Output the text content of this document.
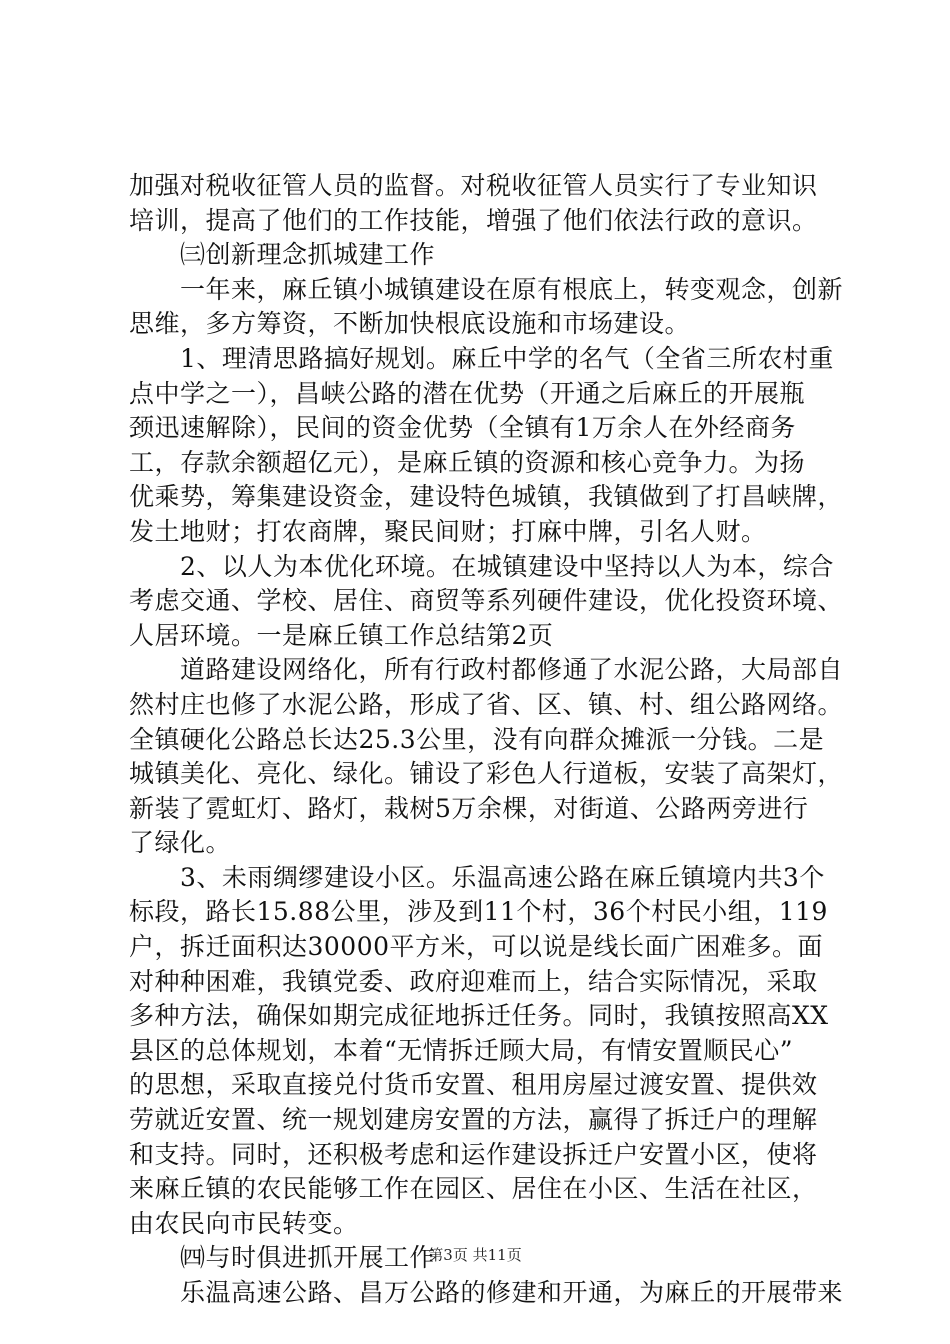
加强对税收征管人员的监督。对税收征管人员实行了专业知识
培训，提高了他们的工作技能，增强了他们依法行政的意识。
　　㈢创新理念抓城建工作
　　一年来，麻丘镇小城镇建设在原有根底上，转变观念，创新
思维，多方筹资，不断加快根底设施和市场建设。
　　1、理清思路搞好规划。麻丘中学的名气（全省三所农村重
点中学之一），昌峡公路的潜在优势（开通之后麻丘的开展瓶
颈迅速解除），民间的资金优势（全镇有1万余人在外经商务
工，存款余额超亿元），是麻丘镇的资源和核心竞争力。为扬
优乘势，筹集建设资金，建设特色城镇，我镇做到了打昌峡牌，
发土地财；打农商牌，聚民间财；打麻中牌，引名人财。
　　2、以人为本优化环境。在城镇建设中坚持以人为本，综合
考虑交通、学校、居住、商贸等系列硬件建设，优化投资环境、
人居环境。一是麻丘镇工作总结第2页
　　道路建设网络化，所有行政村都修通了水泥公路，大局部自
然村庄也修了水泥公路，形成了省、区、镇、村、组公路网络。
全镇硬化公路总长达25.3公里，没有向群众摊派一分钱。二是
城镇美化、亮化、绿化。铺设了彩色人行道板，安装了高架灯，
新装了霓虹灯、路灯，栽树5万余棵，对街道、公路两旁进行
了绿化。
　　3、未雨绸缪建设小区。乐温高速公路在麻丘镇境内共3个
标段，路长15.88公里，涉及到11个村，36个村民小组，119
户，拆迁面积达30000平方米，可以说是线长面广困难多。面
对种种困难，我镇党委、政府迎难而上，结合实际情况，采取
多种方法，确保如期完成征地拆迁任务。同时，我镇按照高XX
县区的总体规划，本着“无情拆迁顾大局，有情安置顺民心”
的思想，采取直接兑付货币安置、租用房屋过渡安置、提供效
劳就近安置、统一规划建房安置的方法，赢得了拆迁户的理解
和支持。同时，还积极考虑和运作建设拆迁户安置小区，使将
来麻丘镇的农民能够工作在园区、居住在小区、生活在社区，
由农民向市民转变。
　　㈣与时俱进抓开展工作
　　乐温高速公路、昌万公路的修建和开通，为麻丘的开展带来
第3页 共11页
